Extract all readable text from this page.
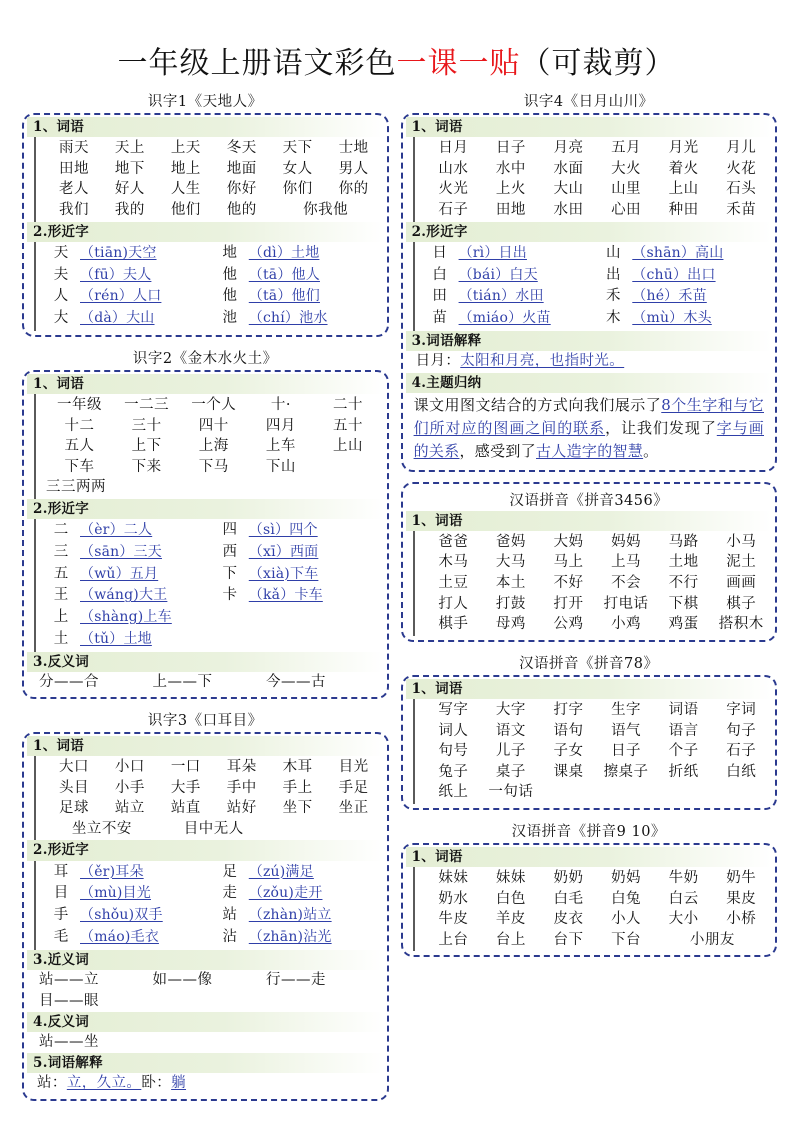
一年级上册语文彩色一课一贴（可裁剪）
识字1《天地人》
1、词语
雨天	天上	上天	冬天	天下	士地
田地	地下	地上	地面	女人	男人
老人	好人	人生	你好	你们	你的
我们	我的	他们	他的	你我他
2.形近字
天 （tiān)天空	地 （dì）土地
夫 （fū）夫人	他 （tā）他人
人 （rén）人口	他 （tā）他们
大 （dà）大山	池 （chí）池水
识字2《金木水火土》
1、词语
一年级	一二三	一个人	十·	二十
十二	三十	四十	四月	五十
五人	上下	上海	上车	上山
下车	下来	下马	下山
三三两两
2.形近字
二 （èr）二人	四 （sì）四个
三 （sān）三天	西 （xī）西面
五 （wǔ）五月	下 （xià)下车
王 （wáng)大王	卡 （kǎ）卡车
上 （shàng)上车
土 （tǔ）土地
3.反义词
分——合	上——下	今——古
识字3《口耳目》
1、词语
大口	小口	一口	耳朵	木耳	目光
头目	小手	大手	手中	手上	手足
足球	站立	站直	站好	坐下	坐正
坐立不安	目中无人
2.形近字
耳 （ěr)耳朵	足 （zú)满足
目 （mù)目光	走 （zǒu)走开
手 （shǒu)双手	站 （zhàn)站立
毛 （máo)毛衣	沾 （zhān)沾光
3.近义词
站——立	如——像	行——走
目——眼
4.反义词
站——坐
5.词语解释
站：立，久立。卧：躺
识字4《日月山川》
1、词语
日月	日子	月亮	五月	月光	月儿
山水	水中	水面	大火	着火	火花
火光	上火	大山	山里	上山	石头
石子	田地	水田	心田	种田	禾苗
2.形近字
日 （rì）日出	山 （shān）高山
白 （bái）白天	出 （chū）出口
田 （tián）水田	禾 （hé）禾苗
苗 （miáo）火苗	木 （mù）木头
3.词语解释
日月：太阳和月亮，也指时光。
4.主题归纳
课文用图文结合的方式向我们展示了8个生字和与它们所对应的图画之间的联系，让我们发现了字与画的关系，感受到了古人造字的智慧。
汉语拼音《拼音3456》
1、词语
爸爸	爸妈	大妈	妈妈	马路	小马
木马	大马	马上	上马	土地	泥土
土豆	本土	不好	不会	不行	画画
打人	打鼓	打开	打电话	下棋	棋子
棋手	母鸡	公鸡	小鸡	鸡蛋	搭积木
汉语拼音《拼音78》
1、词语
写字	大字	打字	生字	词语	字词
词人	语文	语句	语气	语言	句子
句号	儿子	子女	日子	个子	石子
兔子	桌子	课桌	擦桌子	折纸	白纸
纸上	一句话
汉语拼音《拼音9 10》
1、词语
妹妹	妹妹	奶奶	奶妈	牛奶	奶牛
奶水	白色	白毛	白兔	白云	果皮
牛皮	羊皮	皮衣	小人	大小	小桥
上台	台上	台下	下台	小朋友
